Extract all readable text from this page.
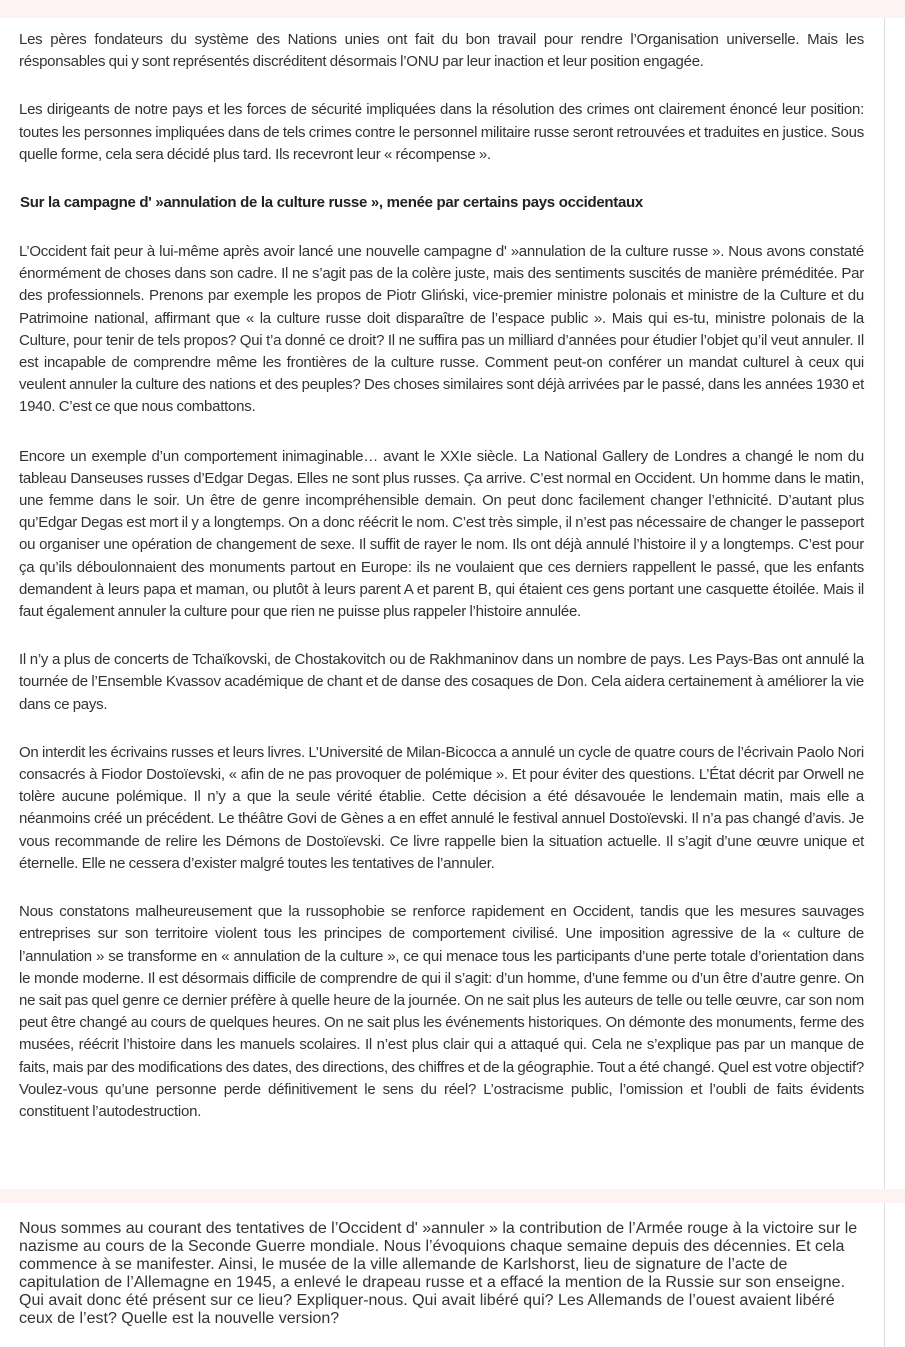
Les pères fondateurs du système des Nations unies ont fait du bon travail pour rendre l’Organisation universelle. Mais les résponsables qui y sont représentés discréditent désormais l’ONU par leur inaction et leur position engagée.

Les dirigeants de notre pays et les forces de sécurité impliquées dans la résolution des crimes ont clairement énoncé leur position: toutes les personnes impliquées dans de tels crimes contre le personnel militaire russe seront retrouvées et traduites en justice. Sous quelle forme, cela sera décidé plus tard. Ils recevront leur « récompense ».

Sur la campagne d' »annulation de la culture russe », menée par certains pays occidentaux

L’Occident fait peur à lui-même après avoir lancé une nouvelle campagne d' »annulation de la culture russe ». Nous avons constaté énormément de choses dans son cadre. Il ne s’agit pas de la colère juste, mais des sentiments suscités de manière préméditée. Par des professionnels. Prenons par exemple les propos de Piotr Gliński, vice-premier ministre polonais et ministre de la Culture et du Patrimoine national, affirmant que « la culture russe doit disparaître de l’espace public ». Mais qui es-tu, ministre polonais de la Culture, pour tenir de tels propos? Qui t’a donné ce droit? Il ne suffira pas un milliard d’années pour étudier l’objet qu’il veut annuler. Il est incapable de comprendre même les frontières de la culture russe. Comment peut-on conférer un mandat culturel à ceux qui veulent annuler la culture des nations et des peuples? Des choses similaires sont déjà arrivées par le passé, dans les années 1930 et 1940. C’est ce que nous combattons.

Encore un exemple d’un comportement inimaginable… avant le XXIe siècle. La National Gallery de Londres a changé le nom du tableau Danseuses russes d’Edgar Degas. Elles ne sont plus russes. Ça arrive. C’est normal en Occident. Un homme dans le matin, une femme dans le soir. Un être de genre incompréhensible demain. On peut donc facilement changer l’ethnicité. D’autant plus qu’Edgar Degas est mort il y a longtemps. On a donc réécrit le nom. C’est très simple, il n’est pas nécessaire de changer le passeport ou organiser une opération de changement de sexe. Il suffit de rayer le nom. Ils ont déjà annulé l’histoire il y a longtemps. C’est pour ça qu’ils déboulonnaient des monuments partout en Europe: ils ne voulaient que ces derniers rappellent le passé, que les enfants demandent à leurs papa et maman, ou plutôt à leurs parent A et parent B, qui étaient ces gens portant une casquette étoilée. Mais il faut également annuler la culture pour que rien ne puisse plus rappeler l’histoire annulée.

Il n’y a plus de concerts de Tchaïkovski, de Chostakovitch ou de Rakhmaninov dans un nombre de pays. Les Pays-Bas ont annulé la tournée de l’Ensemble Kvassov académique de chant et de danse des cosaques de Don. Cela aidera certainement à améliorer la vie dans ce pays.

On interdit les écrivains russes et leurs livres. L’Université de Milan-Bicocca a annulé un cycle de quatre cours de l’écrivain Paolo Nori consacrés à Fiodor Dostoïevski, « afin de ne pas provoquer de polémique ». Et pour éviter des questions. L’État décrit par Orwell ne tolère aucune polémique. Il n’y a que la seule vérité établie. Cette décision a été désavouée le lendemain matin, mais elle a néanmoins créé un précédent. Le théâtre Govi de Gènes a en effet annulé le festival annuel Dostoïevski. Il n’a pas changé d’avis. Je vous recommande de relire les Démons de Dostoïevski. Ce livre rappelle bien la situation actuelle. Il s’agit d’une œuvre unique et éternelle. Elle ne cessera d’exister malgré toutes les tentatives de l’annuler.

Nous constatons malheureusement que la russophobie se renforce rapidement en Occident, tandis que les mesures sauvages entreprises sur son territoire violent tous les principes de comportement civilisé. Une imposition agressive de la « culture de l’annulation » se transforme en « annulation de la culture », ce qui menace tous les participants d’une perte totale d’orientation dans le monde moderne. Il est désormais difficile de comprendre de qui il s’agit: d’un homme, d’une femme ou d’un être d’autre genre. On ne sait pas quel genre ce dernier préfère à quelle heure de la journée. On ne sait plus les auteurs de telle ou telle œuvre, car son nom peut être changé au cours de quelques heures. On ne sait plus les événements historiques. On démonte des monuments, ferme des musées, réécrit l’histoire dans les manuels scolaires. Il n’est plus clair qui a attaqué qui. Cela ne s’explique pas par un manque de faits, mais par des modifications des dates, des directions, des chiffres et de la géographie. Tout a été changé. Quel est votre objectif? Voulez-vous qu’une personne perde définitivement le sens du réel? L’ostracisme public, l’omission et l’oubli de faits évidents constituent l’autodestruction.

Nous sommes au courant des tentatives de l’Occident d' »annuler » la contribution de l’Armée rouge à la victoire sur le nazisme au cours de la Seconde Guerre mondiale. Nous l’évoquions chaque semaine depuis des décennies. Et cela commence à se manifester. Ainsi, le musée de la ville allemande de Karlshorst, lieu de signature de l’acte de capitulation de l’Allemagne en 1945, a enlevé le drapeau russe et a effacé la mention de la Russie sur son enseigne. Qui avait donc été présent sur ce lieu? Expliquer-nous. Qui avait libéré qui? Les Allemands de l’ouest avaient libéré ceux de l’est? Quelle est la nouvelle version?
